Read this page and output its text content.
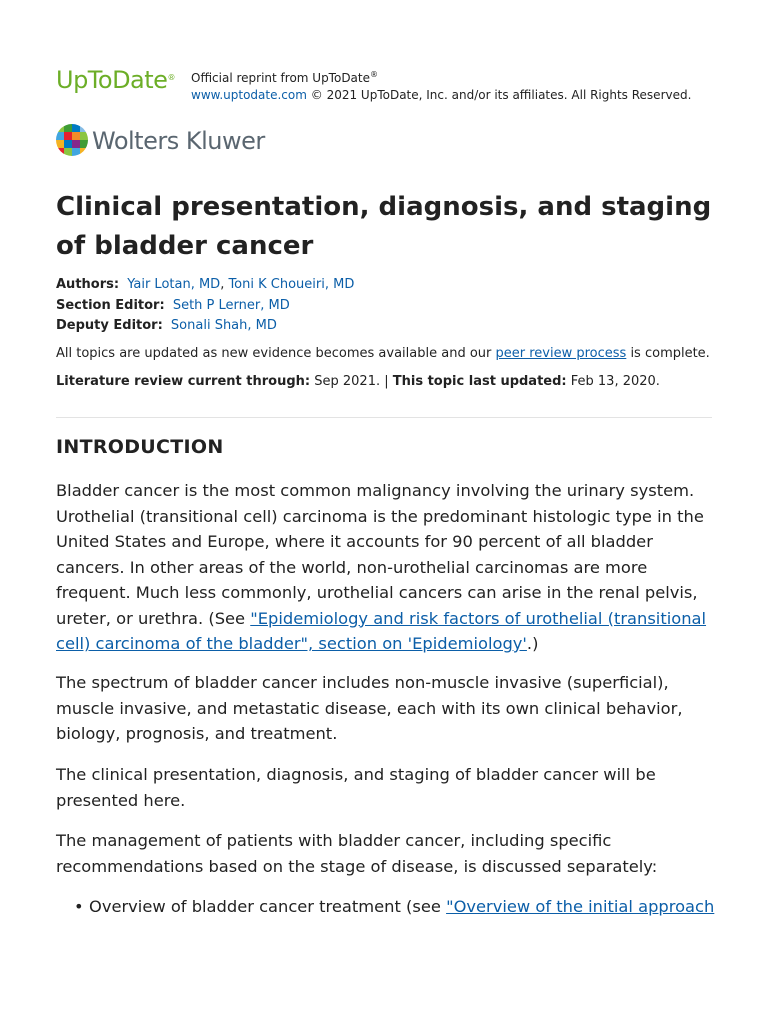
UpToDate® Official reprint from UpToDate®
www.uptodate.com © 2021 UpToDate, Inc. and/or its affiliates. All Rights Reserved.
Wolters Kluwer
Clinical presentation, diagnosis, and staging of bladder cancer
Authors: Yair Lotan, MD, Toni K Choueiri, MD
Section Editor: Seth P Lerner, MD
Deputy Editor: Sonali Shah, MD
All topics are updated as new evidence becomes available and our peer review process is complete.
Literature review current through: Sep 2021. | This topic last updated: Feb 13, 2020.
INTRODUCTION

Bladder cancer is the most common malignancy involving the urinary system. Urothelial (transitional cell) carcinoma is the predominant histologic type in the United States and Europe, where it accounts for 90 percent of all bladder cancers. In other areas of the world, non-urothelial carcinomas are more frequent. Much less commonly, urothelial cancers can arise in the renal pelvis, ureter, or urethra. (See "Epidemiology and risk factors of urothelial (transitional cell) carcinoma of the bladder", section on 'Epidemiology'.)

The spectrum of bladder cancer includes non-muscle invasive (superficial), muscle invasive, and metastatic disease, each with its own clinical behavior, biology, prognosis, and treatment.

The clinical presentation, diagnosis, and staging of bladder cancer will be presented here.

The management of patients with bladder cancer, including specific recommendations based on the stage of disease, is discussed separately:

• Overview of bladder cancer treatment (see "Overview of the initial approach
